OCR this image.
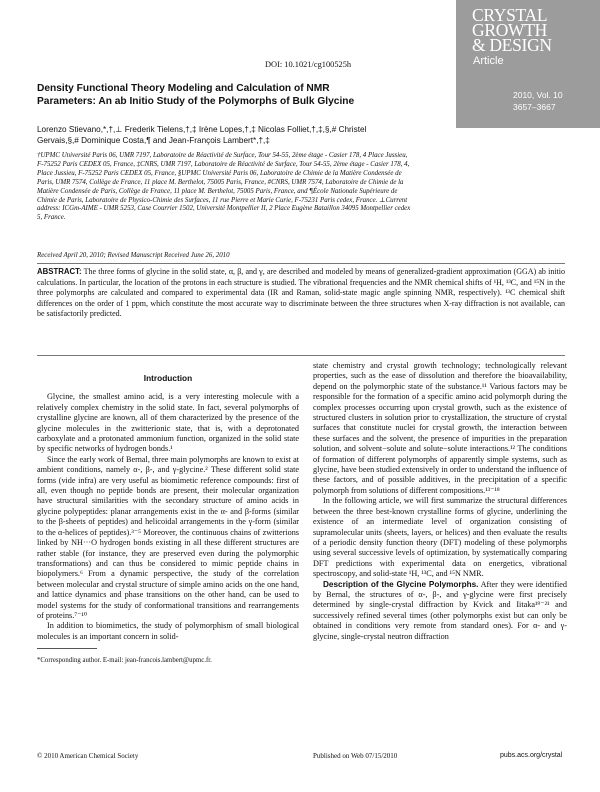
DOI: 10.1021/cg100525h
CRYSTAL
GROWTH
& DESIGN
Article
2010, Vol. 10
3657–3667
Density Functional Theory Modeling and Calculation of NMR Parameters: An ab Initio Study of the Polymorphs of Bulk Glycine
Lorenzo Stievano,*,†,⊥ Frederik Tielens,†,‡ Irène Lopes,†,‡ Nicolas Folliet,†,‡,§,# Christel Gervais,§,# Dominique Costa,¶ and Jean-François Lambert*,†,‡
†UPMC Université Paris 06, UMR 7197, Laboratoire de Réactivité de Surface, Tour 54-55, 2ème étage - Casier 178, 4 Place Jussieu, F-75252 Paris CEDEX 05, France, ‡CNRS, UMR 7197, Laboratoire de Réactivité de Surface, Tour 54-55, 2ème étage - Casier 178, 4, Place Jussieu, F-75252 Paris CEDEX 05, France, §UPMC Université Paris 06, Laboratoire de Chimie de la Matière Condensée de Paris, UMR 7574, Collège de France, 11 place M. Berthelot, 75005 Paris, France, #CNRS, UMR 7574, Laboratoire de Chimie de la Matière Condensée de Paris, Collège de France, 11 place M. Berthelot, 75005 Paris, France, and ¶École Nationale Supérieure de Chimie de Paris, Laboratoire de Physico-Chimie des Surfaces, 11 rue Pierre et Marie Curie, F-75231 Paris cedex, France. ⊥Current address: ICGm-AIME - UMR 5253, Case Courrier 1502, Université Montpellier II, 2 Place Eugène Bataillon 34095 Montpellier cedex 5, France.
Received April 20, 2010; Revised Manuscript Received June 26, 2010
ABSTRACT: The three forms of glycine in the solid state, α, β, and γ, are described and modeled by means of generalized-gradient approximation (GGA) ab initio calculations. In particular, the location of the protons in each structure is studied. The vibrational frequencies and the NMR chemical shifts of ¹H, ¹³C, and ¹⁵N in the three polymorphs are calculated and compared to experimental data (IR and Raman, solid-state magic angle spinning NMR, respectively). ¹³C chemical shift differences on the order of 1 ppm, which constitute the most accurate way to discriminate between the three structures when X-ray diffraction is not available, can be satisfactorily predicted.
Introduction

Glycine, the smallest amino acid, is a very interesting molecule with a relatively complex chemistry in the solid state. In fact, several polymorphs of crystalline glycine are known, all of them characterized by the presence of the glycine molecules in the zwitterionic state, that is, with a deprotonated carboxylate and a protonated ammonium function, organized in the solid state by specific networks of hydrogen bonds.¹

Since the early work of Bernal, three main polymorphs are known to exist at ambient conditions, namely α-, β-, and γ-glycine.² These different solid state forms (vide infra) are very useful as biomimetic reference compounds: first of all, even though no peptide bonds are present, their molecular organization have structural similarities with the secondary structure of amino acids in glycine polypeptides: planar arrangements exist in the α- and β-forms (similar to the β-sheets of peptides) and helicoidal arrangements in the γ-form (similar to the α-helices of peptides).³⁻⁵ Moreover, the continuous chains of zwitterions linked by NH···O hydrogen bonds existing in all these different structures are rather stable (for instance, they are preserved even during the polymorphic transformations) and can thus be considered to mimic peptide chains in biopolymers.⁶ From a dynamic perspective, the study of the correlation between molecular and crystal structure of simple amino acids on the one hand, and lattice dynamics and phase transitions on the other hand, can be used to model systems for the study of conformational transitions and rearrangements of proteins.⁷⁻¹⁰

In addition to biomimetics, the study of polymorphism of small biological molecules is an important concern in solid-

*Corresponding author. E-mail: jean-francois.lambert@upmc.fr.

state chemistry and crystal growth technology; technologically relevant properties, such as the ease of dissolution and therefore the bioavailability, depend on the polymorphic state of the substance.¹¹ Various factors may be responsible for the formation of a specific amino acid polymorph during the complex processes occurring upon crystal growth, such as the existence of structured clusters in solution prior to crystallization, the structure of crystal surfaces that constitute nuclei for crystal growth, the interaction between these surfaces and the solvent, the presence of impurities in the preparation solution, and solvent−solute and solute−solute interactions.¹² The conditions of formation of different polymorphs of apparently simple systems, such as glycine, have been studied extensively in order to understand the influence of these factors, and of possible additives, in the precipitation of a specific polymorph from solutions of different compositions.¹³⁻¹⁸

In the following article, we will first summarize the structural differences between the three best-known crystalline forms of glycine, underlining the existence of an intermediate level of organization consisting of supramolecular units (sheets, layers, or helices) and then evaluate the results of a periodic density function theory (DFT) modeling of these polymorphs using several successive levels of optimization, by systematically comparing DFT predictions with experimental data on energetics, vibrational spectroscopy, and solid-state ¹H, ¹³C, and ¹⁵N NMR.

Description of the Glycine Polymorphs. After they were identified by Bernal, the structures of α-, β-, and γ-glycine were first precisely determined by single-crystal diffraction by Kvick and Iitaka¹⁹⁻²¹ and successively refined several times (other polymorphs exist but can only be obtained in conditions very remote from standard ones). For α- and γ-glycine, single-crystal neutron diffraction

© 2010 American Chemical Society	Published on Web 07/15/2010	pubs.acs.org/crystal
